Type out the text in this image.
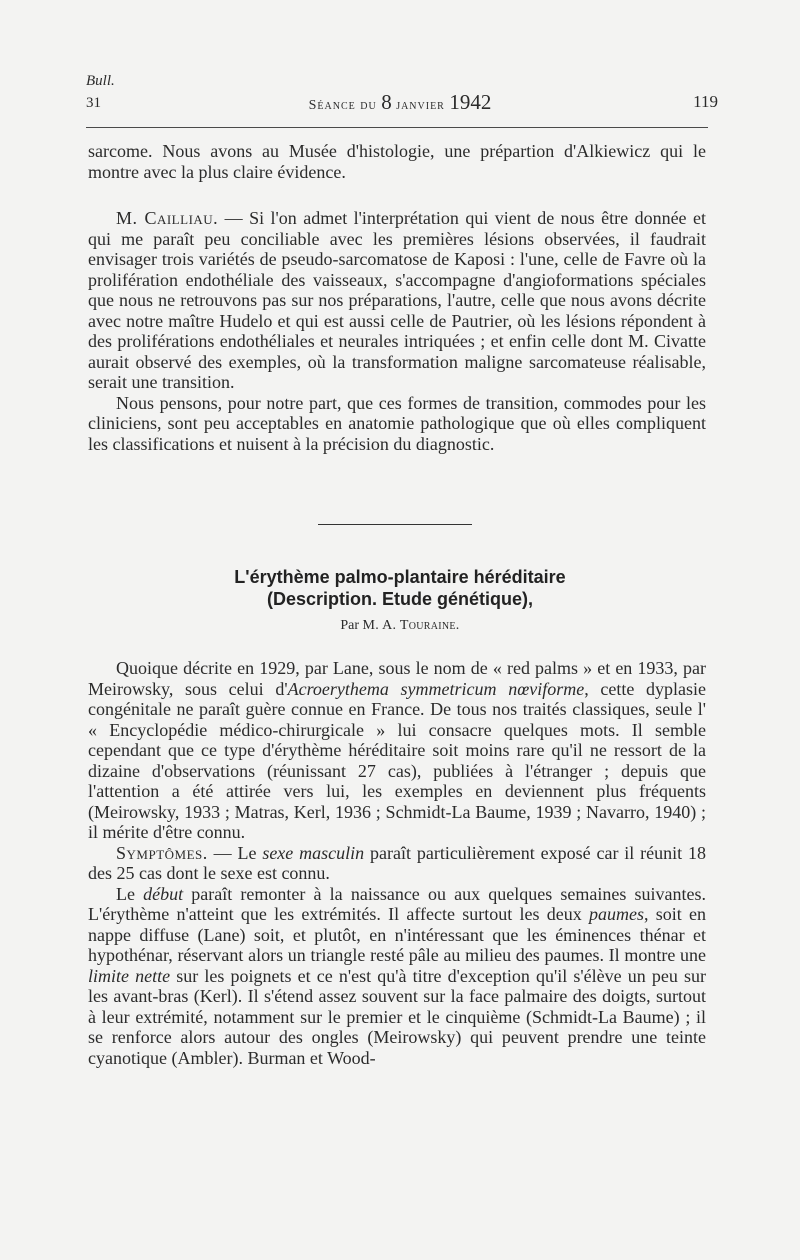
Bull.
31	Séance du 8 janvier 1942	119

sarcome. Nous avons au Musée d'histologie, une prépartion d'Alkiewicz qui le montre avec la plus claire évidence.

M. Cailliau. — Si l'on admet l'interprétation qui vient de nous être donnée et qui me paraît peu conciliable avec les premières lésions observées, il faudrait envisager trois variétés de pseudo-sarcomatose de Kaposi : l'une, celle de Favre où la prolifération endothéliale des vaisseaux, s'accompagne d'angioformations spéciales que nous ne retrouvons pas sur nos préparations, l'autre, celle que nous avons décrite avec notre maître Hudelo et qui est aussi celle de Pautrier, où les lésions répondent à des proliférations endothéliales et neurales intriquées ; et enfin celle dont M. Civatte aurait observé des exemples, où la transformation maligne sarcomateuse réalisable, serait une transition.

Nous pensons, pour notre part, que ces formes de transition, commodes pour les cliniciens, sont peu acceptables en anatomie pathologique que où elles compliquent les classifications et nuisent à la précision du diagnostic.

L'érythème palmo-plantaire héréditaire
(Description. Etude génétique),
Par M. A. Touraine.

Quoique décrite en 1929, par Lane, sous le nom de « red palms » et en 1933, par Meirowsky, sous celui d'Acroerythema symmetricum nœviforme, cette dyplasie congénitale ne paraît guère connue en France. De tous nos traités classiques, seule l' « Encyclopédie médico-chirurgicale » lui consacre quelques mots. Il semble cependant que ce type d'érythème héréditaire soit moins rare qu'il ne ressort de la dizaine d'observations (réunissant 27 cas), publiées à l'étranger ; depuis que l'attention a été attirée vers lui, les exemples en deviennent plus fréquents (Meirowsky, 1933 ; Matras, Kerl, 1936 ; Schmidt-La Baume, 1939 ; Navarro, 1940) ; il mérite d'être connu.

Symptômes. — Le sexe masculin paraît particulièrement exposé car il réunit 18 des 25 cas dont le sexe est connu.

Le début paraît remonter à la naissance ou aux quelques semaines suivantes. L'érythème n'atteint que les extrémités. Il affecte surtout les deux paumes, soit en nappe diffuse (Lane) soit, et plutôt, en n'intéressant que les éminences thénar et hypothénar, réservant alors un triangle resté pâle au milieu des paumes. Il montre une limite nette sur les poignets et ce n'est qu'à titre d'exception qu'il s'élève un peu sur les avant-bras (Kerl). Il s'étend assez souvent sur la face palmaire des doigts, surtout à leur extrémité, notamment sur le premier et le cinquième (Schmidt-La Baume) ; il se renforce alors autour des ongles (Meirowsky) qui peuvent prendre une teinte cyanotique (Ambler). Burman et Wood-
